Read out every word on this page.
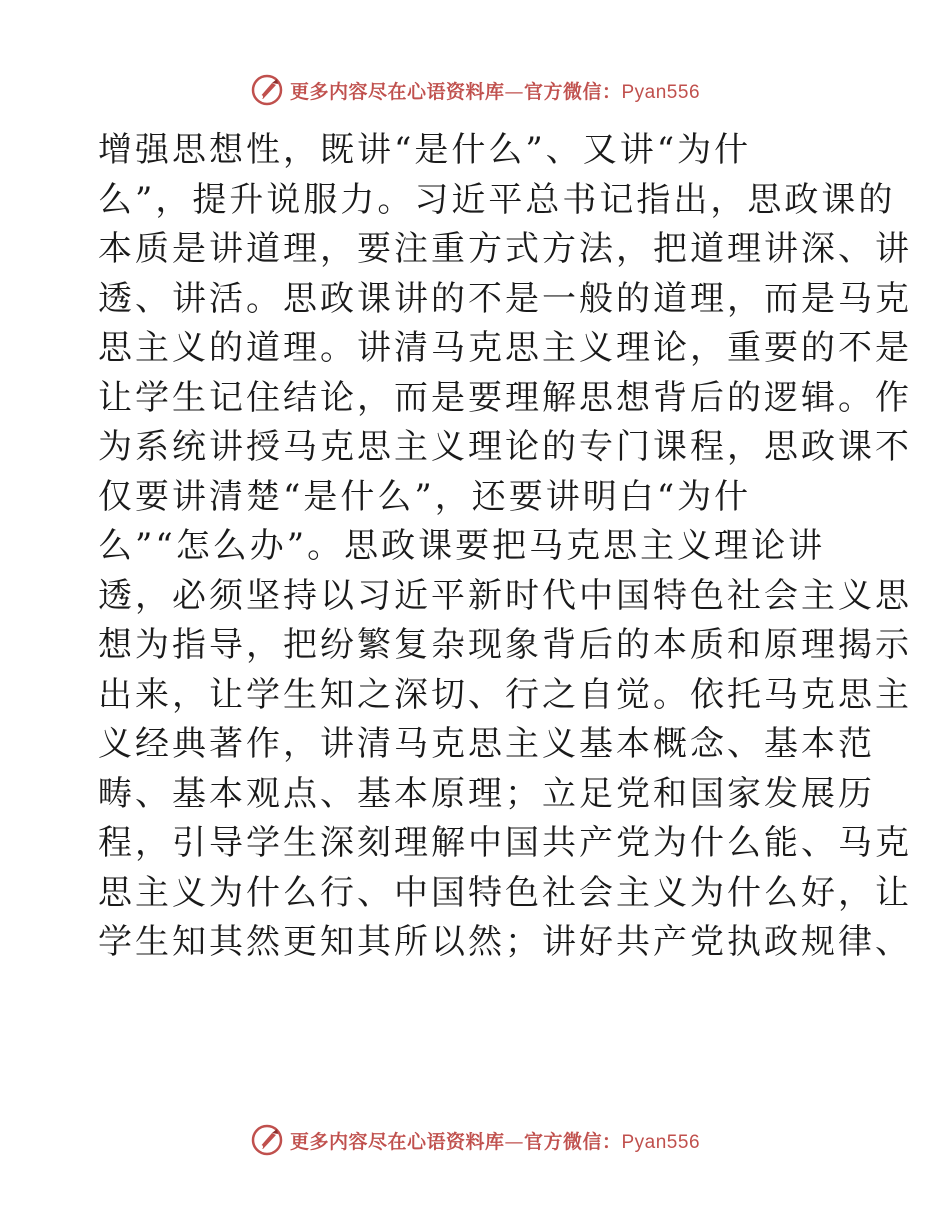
更多内容尽在心语资料库—官方微信：Pyan556
增强思想性，既讲“是什么”、又讲“为什
么”，提升说服力。习近平总书记指出，思政课的
本质是讲道理，要注重方式方法，把道理讲深、讲
透、讲活。思政课讲的不是一般的道理，而是马克
思主义的道理。讲清马克思主义理论，重要的不是
让学生记住结论，而是要理解思想背后的逻辑。作
为系统讲授马克思主义理论的专门课程，思政课不
仅要讲清楚“是什么”，还要讲明白“为什
么”“怎么办”。思政课要把马克思主义理论讲
透，必须坚持以习近平新时代中国特色社会主义思
想为指导，把纷繁复杂现象背后的本质和原理揭示
出来，让学生知之深切、行之自觉。依托马克思主
义经典著作，讲清马克思主义基本概念、基本范
畴、基本观点、基本原理；立足党和国家发展历
程，引导学生深刻理解中国共产党为什么能、马克
思主义为什么行、中国特色社会主义为什么好，让
学生知其然更知其所以然；讲好共产党执政规律、
更多内容尽在心语资料库—官方微信：Pyan556
